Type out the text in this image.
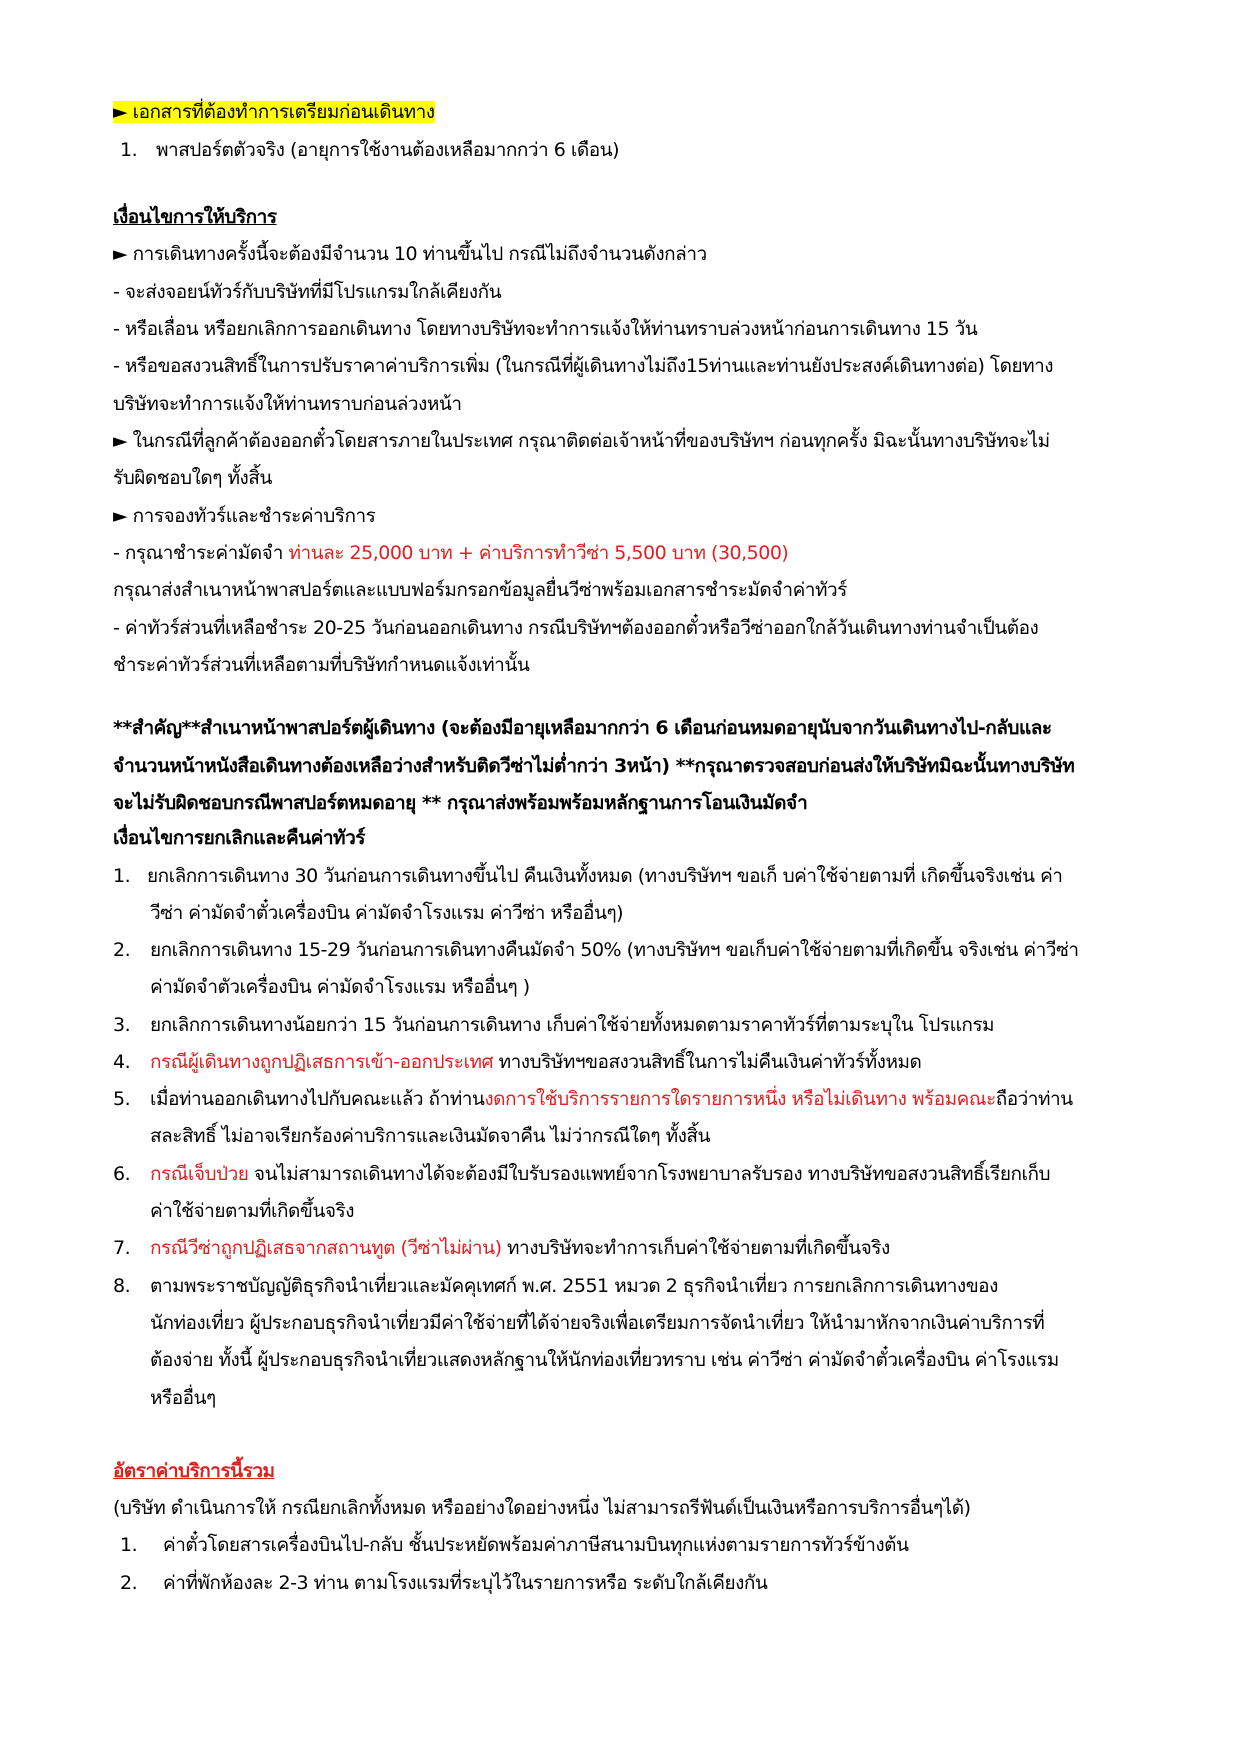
► เอกสารที่ต้องทำการเตรียมก่อนเดินทาง
1. พาสปอร์ตตัวจริง (อายุการใช้งานต้องเหลือมากกว่า 6 เดือน)
เงื่อนไขการให้บริการ
► การเดินทางครั้งนี้จะต้องมีจำนวน 10 ท่านขึ้นไป กรณีไม่ถึงจำนวนดังกล่าว
- จะส่งจอยน์ทัวร์กับบริษัทที่มีโปรแกรมใกล้เคียงกัน
- หรือเลื่อน หรือยกเลิกการออกเดินทาง โดยทางบริษัทจะทำการแจ้งให้ท่านทราบล่วงหน้าก่อนการเดินทาง 15 วัน
- หรือขอสงวนสิทธิ์ในการปรับราคาค่าบริการเพิ่ม (ในกรณีที่ผู้เดินทางไม่ถึง15ท่านและท่านยังประสงค์เดินทางต่อ) โดยทาง
บริษัทจะทำการแจ้งให้ท่านทราบก่อนล่วงหน้า
► ในกรณีที่ลูกค้าต้องออกตั๋วโดยสารภายในประเทศ กรุณาติดต่อเจ้าหน้าที่ของบริษัทฯ ก่อนทุกครั้ง มิฉะนั้นทางบริษัทจะไม่
รับผิดชอบใดๆ ทั้งสิ้น
► การจองทัวร์และชำระค่าบริการ
- กรุณาชำระค่ามัดจำ ท่านละ 25,000 บาท + ค่าบริการทำวีซ่า 5,500 บาท (30,500)
กรุณาส่งสำเนาหน้าพาสปอร์ตและแบบฟอร์มกรอกข้อมูลยื่นวีซ่าพร้อมเอกสารชำระมัดจำค่าทัวร์
- ค่าทัวร์ส่วนที่เหลือชำระ 20-25 วันก่อนออกเดินทาง กรณีบริษัทฯต้องออกตั๋วหรือวีซ่าออกใกล้วันเดินทางท่านจำเป็นต้อง
ชำระค่าทัวร์ส่วนที่เหลือตามที่บริษัทกำหนดแจ้งเท่านั้น
**สำคัญ**สำเนาหน้าพาสปอร์ตผู้เดินทาง (จะต้องมีอายุเหลือมากกว่า 6 เดือนก่อนหมดอายุนับจากวันเดินทางไป-กลับและ
จำนวนหน้าหนังสือเดินทางต้องเหลือว่างสำหรับติดวีซ่าไม่ต่ำกว่า 3หน้า) **กรุณาตรวจสอบก่อนส่งให้บริษัทมิฉะนั้นทางบริษัท
จะไม่รับผิดชอบกรณีพาสปอร์ตหมดอายุ ** กรุณาส่งพร้อมพร้อมหลักฐานการโอนเงินมัดจำ
เงื่อนไขการยกเลิกและคืนค่าทัวร์
1. ยกเลิกการเดินทาง 30 วันก่อนการเดินทางขึ้นไป คืนเงินทั้งหมด (ทางบริษัทฯ ขอเก็ บค่าใช้จ่ายตามที่ เกิดขึ้นจริงเช่น ค่า
วีซ่า ค่ามัดจำตั๋วเครื่องบิน ค่ามัดจำโรงแรม ค่าวีซ่า หรืออื่นๆ)
2. ยกเลิกการเดินทาง 15-29 วันก่อนการเดินทางคืนมัดจำ 50% (ทางบริษัทฯ ขอเก็บค่าใช้จ่ายตามที่เกิดขึ้น จริงเช่น ค่าวีซ่า
ค่ามัดจำตัวเครื่องบิน ค่ามัดจำโรงแรม หรืออื่นๆ )
3. ยกเลิกการเดินทางน้อยกว่า 15 วันก่อนการเดินทาง เก็บค่าใช้จ่ายทั้งหมดตามราคาทัวร์ที่ตามระบุใน โปรแกรม
4. กรณีผู้เดินทางถูกปฏิเสธการเข้า-ออกประเทศ ทางบริษัทฯขอสงวนสิทธิ์ในการไม่คืนเงินค่าทัวร์ทั้งหมด
5. เมื่อท่านออกเดินทางไปกับคณะแล้ว ถ้าท่านงดการใช้บริการรายการใดรายการหนึ่ง หรือไม่เดินทาง พร้อมคณะถือว่าท่าน
สละสิทธิ์ ไม่อาจเรียกร้องค่าบริการและเงินมัดจาคืน ไม่ว่ากรณีใดๆ ทั้งสิ้น
6. กรณีเจ็บป่วย จนไม่สามารถเดินทางได้จะต้องมีใบรับรองแพทย์จากโรงพยาบาลรับรอง ทางบริษัทขอสงวนสิทธิ์เรียกเก็บ
ค่าใช้จ่ายตามที่เกิดขึ้นจริง
7. กรณีวีซ่าถูกปฏิเสธจากสถานทูต (วีซ่าไม่ผ่าน) ทางบริษัทจะทำการเก็บค่าใช้จ่ายตามที่เกิดขึ้นจริง
8. ตามพระราชบัญญัติธุรกิจนำเที่ยวและมัคคุเทศก์ พ.ศ. 2551 หมวด 2 ธุรกิจนำเที่ยว การยกเลิกการเดินทางของ
นักท่องเที่ยว ผู้ประกอบธุรกิจนำเที่ยวมีค่าใช้จ่ายที่ได้จ่ายจริงเพื่อเตรียมการจัดนำเที่ยว ให้นำมาหักจากเงินค่าบริการที่
ต้องจ่าย ทั้งนี้ ผู้ประกอบธุรกิจนำเที่ยวแสดงหลักฐานให้นักท่องเที่ยวทราบ เช่น ค่าวีซ่า ค่ามัดจำตั๋วเครื่องบิน ค่าโรงแรม
หรืออื่นๆ
อัตราค่าบริการนี้รวม
(บริษัท ดำเนินการให้ กรณียกเลิกทั้งหมด หรืออย่างใดอย่างหนึ่ง ไม่สามารถรีฟันด์เป็นเงินหรือการบริการอื่นๆได้)
1. ค่าตั๋วโดยสารเครื่องบินไป-กลับ ชั้นประหยัดพร้อมค่าภาษีสนามบินทุกแห่งตามรายการทัวร์ข้างต้น
2. ค่าที่พักห้องละ 2-3 ท่าน ตามโรงแรมที่ระบุไว้ในรายการหรือ ระดับใกล้เคียงกัน
